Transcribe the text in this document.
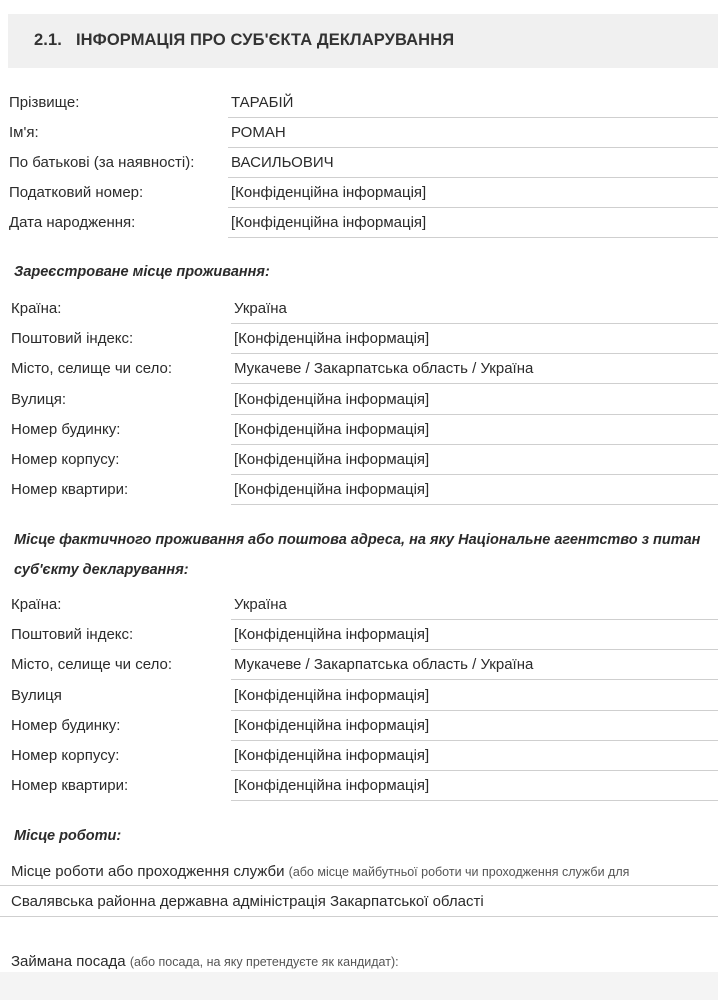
2.1. ІНФОРМАЦІЯ ПРО СУБ'ЄКТА ДЕКЛАРУВАННЯ
Прізвище:	ТАРАБІЙ
Ім'я:	РОМАН
По батькові (за наявності): ВАСИЛЬОВИЧ
Податковий номер:	[Конфіденційна інформація]
Дата народження:	[Конфіденційна інформація]
Зареєстроване місце проживання:
Країна:	Україна
Поштовий індекс:	[Конфіденційна інформація]
Місто, селище чи село:	Мукачеве / Закарпатська область / Україна
Вулиця:	[Конфіденційна інформація]
Номер будинку:	[Конфіденційна інформація]
Номер корпусу:	[Конфіденційна інформація]
Номер квартири:	[Конфіденційна інформація]
Місце фактичного проживання або поштова адреса, на яку Національне агентство з питан
суб'єкту декларування:
Країна:	Україна
Поштовий індекс:	[Конфіденційна інформація]
Місто, селище чи село:	Мукачеве / Закарпатська область / Україна
Вулиця	[Конфіденційна інформація]
Номер будинку:	[Конфіденційна інформація]
Номер корпусу:	[Конфіденційна інформація]
Номер квартири:	[Конфіденційна інформація]
Місце роботи:
Місце роботи або проходження служби (або місце майбутньої роботи чи проходження служби для
Свалявська районна державна адміністрація Закарпатської області
Займана посада (або посада, на яку претендуєте як кандидат):
